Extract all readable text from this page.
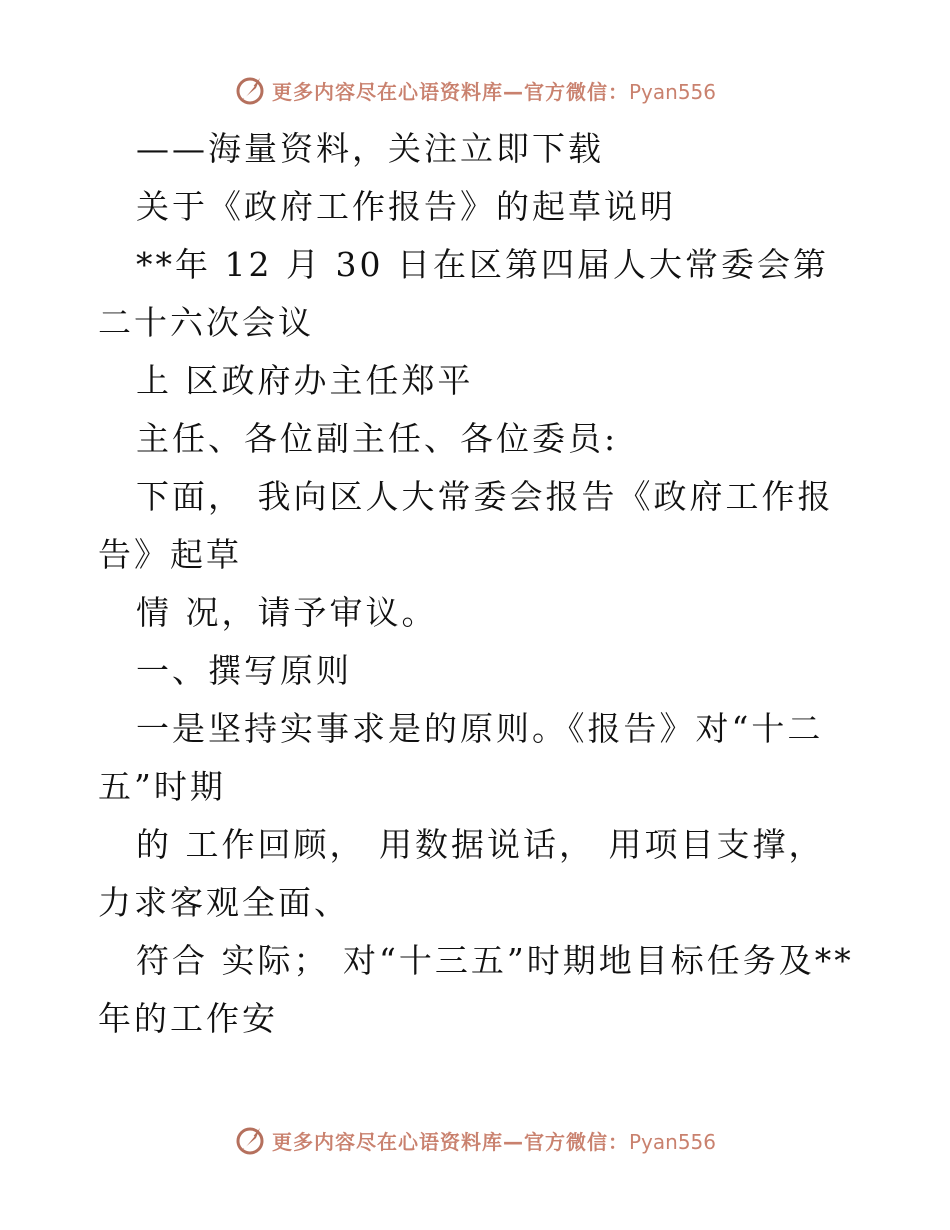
更多内容尽在心语资料库—官方微信：Pyan556

——海量资料，关注立即下载

关于《政府工作报告》的起草说明

**年 12 月 30 日在区第四届人大常委会第二十六次会议

上 区政府办主任郑平

主任、各位副主任、各位委员:

下面， 我向区人大常委会报告《政府工作报告》起草

情 况，请予审议。

一、撰写原则

一是坚持实事求是的原则。《报告》对“十二五”时期

的 工作回顾， 用数据说话， 用项目支撑， 力求客观全面、

符合 实际； 对“十三五”时期地目标任务及**年的工作安

更多内容尽在心语资料库—官方微信：Pyan556
